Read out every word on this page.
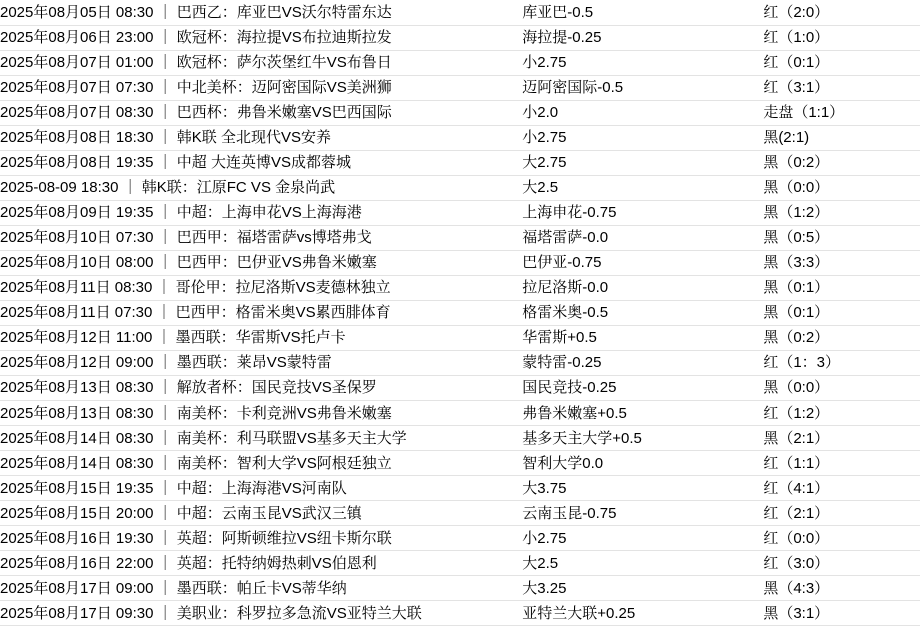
2025年08月05日 08:30 ｜ 巴西乙：库亚巴VS沃尔特雷东达	库亚巴-0.5	红（2:0）
2025年08月06日 23:00 ｜ 欧冠杯：海拉提VS布拉迪斯拉发	海拉提-0.25	红（1:0）
2025年08月07日 01:00 ｜ 欧冠杯：萨尔茨堡红牛VS布鲁日	小2.75	红（0:1）
2025年08月07日 07:30 ｜ 中北美杯：迈阿密国际VS美洲狮	迈阿密国际-0.5	红（3:1）
2025年08月07日 08:30 ｜ 巴西杯：弗鲁米嫩塞VS巴西国际	小2.0	走盘（1:1）
2025年08月08日 18:30 ｜ 韩K联 全北现代VS安养	小2.75	黑(2:1)
2025年08月08日 19:35 ｜ 中超 大连英博VS成都蓉城	大2.75	黑（0:2）
2025-08-09 18:30 ｜ 韩K联：江原FC VS 金泉尚武	大2.5	黑（0:0）
2025年08月09日 19:35 ｜ 中超：上海申花VS上海海港	上海申花-0.75	黑（1:2）
2025年08月10日 07:30 ｜ 巴西甲：福塔雷萨vs博塔弗戈	福塔雷萨-0.0	黑（0:5）
2025年08月10日 08:00 ｜ 巴西甲：巴伊亚VS弗鲁米嫩塞	巴伊亚-0.75	黑（3:3）
2025年08月11日 08:30 ｜ 哥伦甲：拉尼洛斯VS麦德林独立	拉尼洛斯-0.0	黑（0:1）
2025年08月11日 07:30 ｜ 巴西甲：格雷米奥VS累西腓体育	格雷米奥-0.5	黑（0:1）
2025年08月12日 11:00 ｜ 墨西联：华雷斯VS托卢卡	华雷斯+0.5	黑（0:2）
2025年08月12日 09:00 ｜ 墨西联：莱昂VS蒙特雷	蒙特雷-0.25	红（1：3）
2025年08月13日 08:30 ｜ 解放者杯：国民竞技VS圣保罗	国民竞技-0.25	黑（0:0）
2025年08月13日 08:30 ｜ 南美杯：卡利竞洲VS弗鲁米嫩塞	弗鲁米嫩塞+0.5	红（1:2）
2025年08月14日 08:30 ｜ 南美杯：利马联盟VS基多天主大学	基多天主大学+0.5	黑（2:1）
2025年08月14日 08:30 ｜ 南美杯：智利大学VS阿根廷独立	智利大学0.0	红（1:1）
2025年08月15日 19:35 ｜ 中超：上海海港VS河南队	大3.75	红（4:1）
2025年08月15日 20:00 ｜ 中超：云南玉昆VS武汉三镇	云南玉昆-0.75	红（2:1）
2025年08月16日 19:30 ｜ 英超：阿斯顿维拉VS纽卡斯尔联	小2.75	红（0:0）
2025年08月16日 22:00 ｜ 英超：托特纳姆热刺VS伯恩利	大2.5	红（3:0）
2025年08月17日 09:00 ｜ 墨西联：帕丘卡VS蒂华纳	大3.25	黑（4:3）
2025年08月17日 09:30 ｜ 美职业：科罗拉多急流VS亚特兰大联	亚特兰大联+0.25	黑（3:1）
